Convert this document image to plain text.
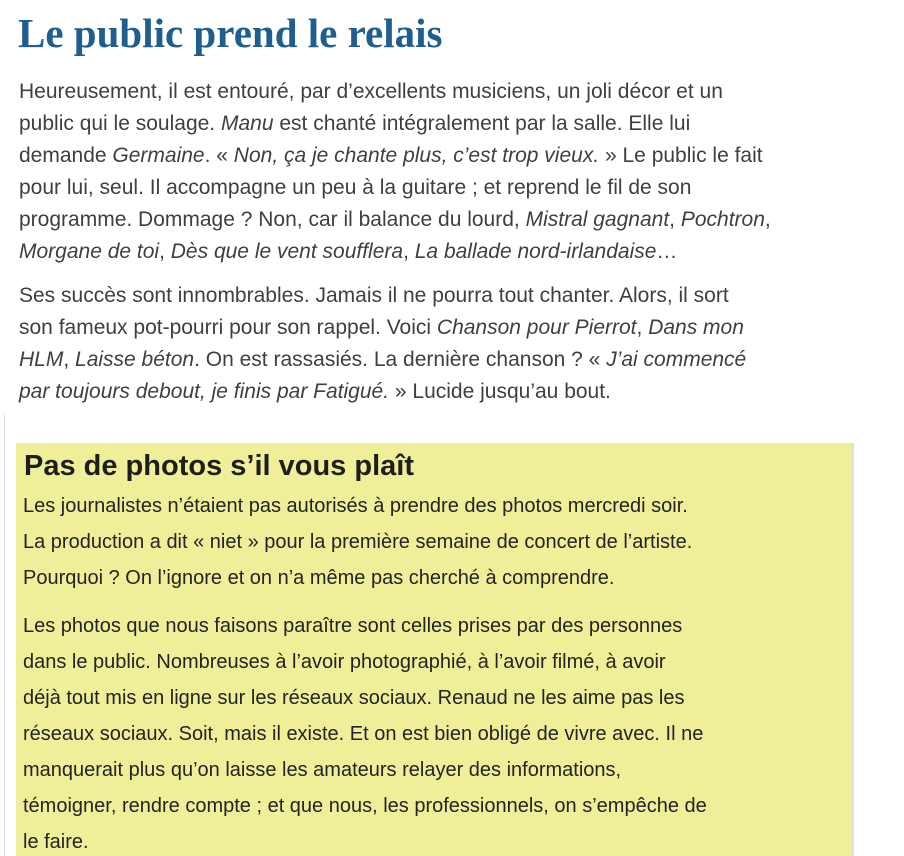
Le public prend le relais

Heureusement, il est entouré, par d’excellents musiciens, un joli décor et un
public qui le soulage. Manu est chanté intégralement par la salle. Elle lui
demande Germaine. « Non, ça je chante plus, c’est trop vieux. » Le public le fait
pour lui, seul. Il accompagne un peu à la guitare ; et reprend le fil de son
programme. Dommage ? Non, car il balance du lourd, Mistral gagnant, Pochtron,
Morgane de toi, Dès que le vent soufflera, La ballade nord-irlandaise…

Ses succès sont innombrables. Jamais il ne pourra tout chanter. Alors, il sort
son fameux pot-pourri pour son rappel. Voici Chanson pour Pierrot, Dans mon
HLM, Laisse béton. On est rassasiés. La dernière chanson ? « J’ai commencé
par toujours debout, je finis par Fatigué. » Lucide jusqu’au bout.

Pas de photos s’il vous plaît

Les journalistes n’étaient pas autorisés à prendre des photos mercredi soir.
La production a dit « niet » pour la première semaine de concert de l’artiste.
Pourquoi ? On l’ignore et on n’a même pas cherché à comprendre.

Les photos que nous faisons paraître sont celles prises par des personnes
dans le public. Nombreuses à l’avoir photographié, à l’avoir filmé, à avoir
déjà tout mis en ligne sur les réseaux sociaux. Renaud ne les aime pas les
réseaux sociaux. Soit, mais il existe. Et on est bien obligé de vivre avec. Il ne
manquerait plus qu’on laisse les amateurs relayer des informations,
témoigner, rendre compte ; et que nous, les professionnels, on s’empêche de
le faire.
